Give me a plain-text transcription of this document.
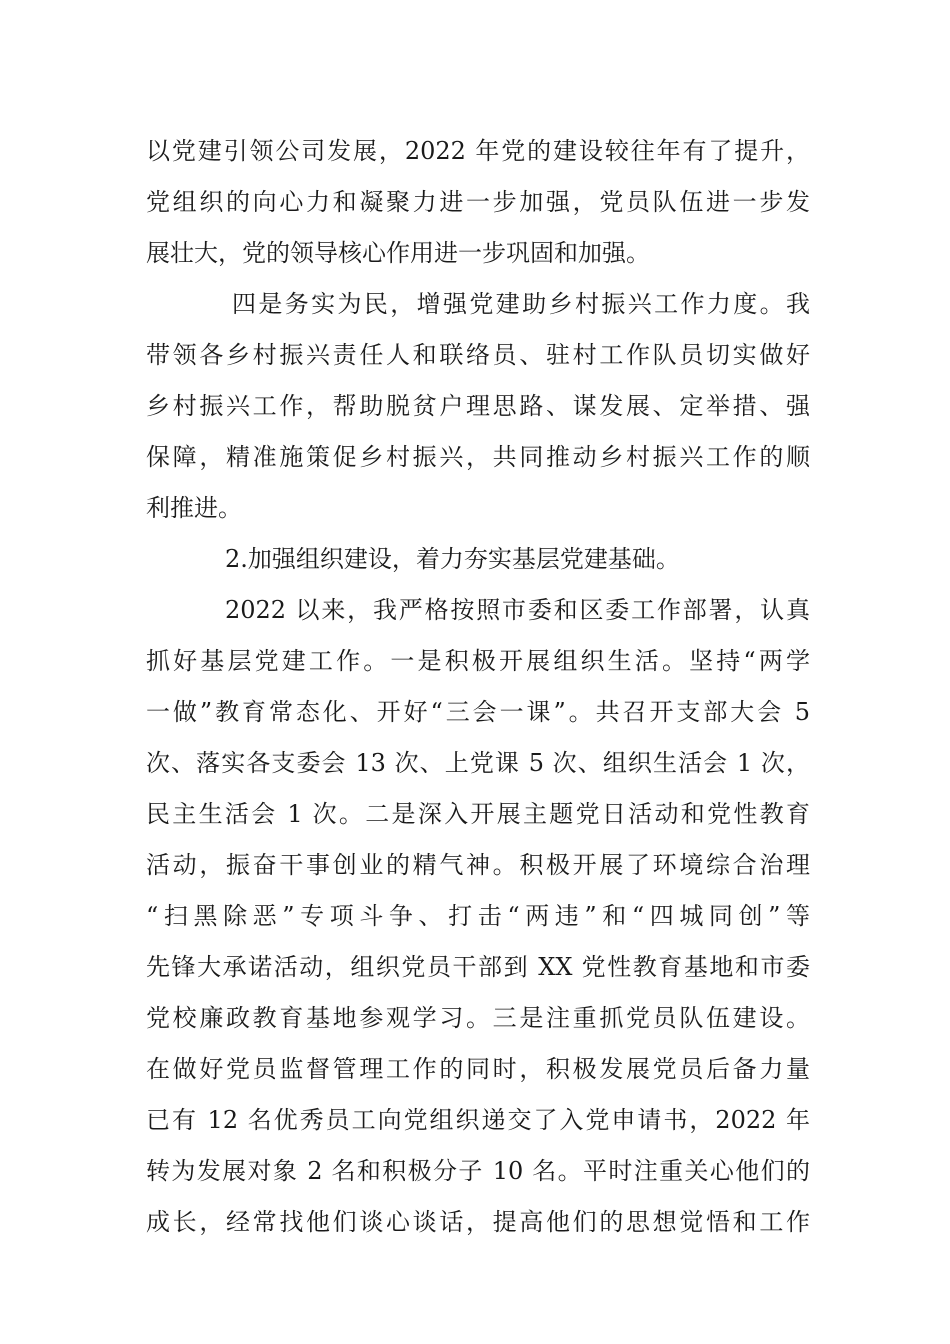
以党建引领公司发展，2022 年党的建设较往年有了提升，
党组织的向心力和凝聚力进一步加强，党员队伍进一步发
展壮大，党的领导核心作用进一步巩固和加强。
四是务实为民，增强党建助乡村振兴工作力度。我
带领各乡村振兴责任人和联络员、驻村工作队员切实做好
乡村振兴工作，帮助脱贫户理思路、谋发展、定举措、强
保障，精准施策促乡村振兴，共同推动乡村振兴工作的顺
利推进。
2.加强组织建设，着力夯实基层党建基础。
2022 以来，我严格按照市委和区委工作部署，认真
抓好基层党建工作。一是积极开展组织生活。坚持“两学
一做”教育常态化、开好“三会一课”。共召开支部大会 5
次、落实各支委会 13 次、上党课 5 次、组织生活会 1 次，
民主生活会 1 次。二是深入开展主题党日活动和党性教育
活动，振奋干事创业的精气神。积极开展了环境综合治理
“扫黑除恶”专项斗争、打击“两违”和“四城同创”等
先锋大承诺活动，组织党员干部到 XX 党性教育基地和市委
党校廉政教育基地参观学习。三是注重抓党员队伍建设。
在做好党员监督管理工作的同时，积极发展党员后备力量
已有 12 名优秀员工向党组织递交了入党申请书，2022 年
转为发展对象 2 名和积极分子 10 名。平时注重关心他们的
成长，经常找他们谈心谈话，提高他们的思想觉悟和工作
